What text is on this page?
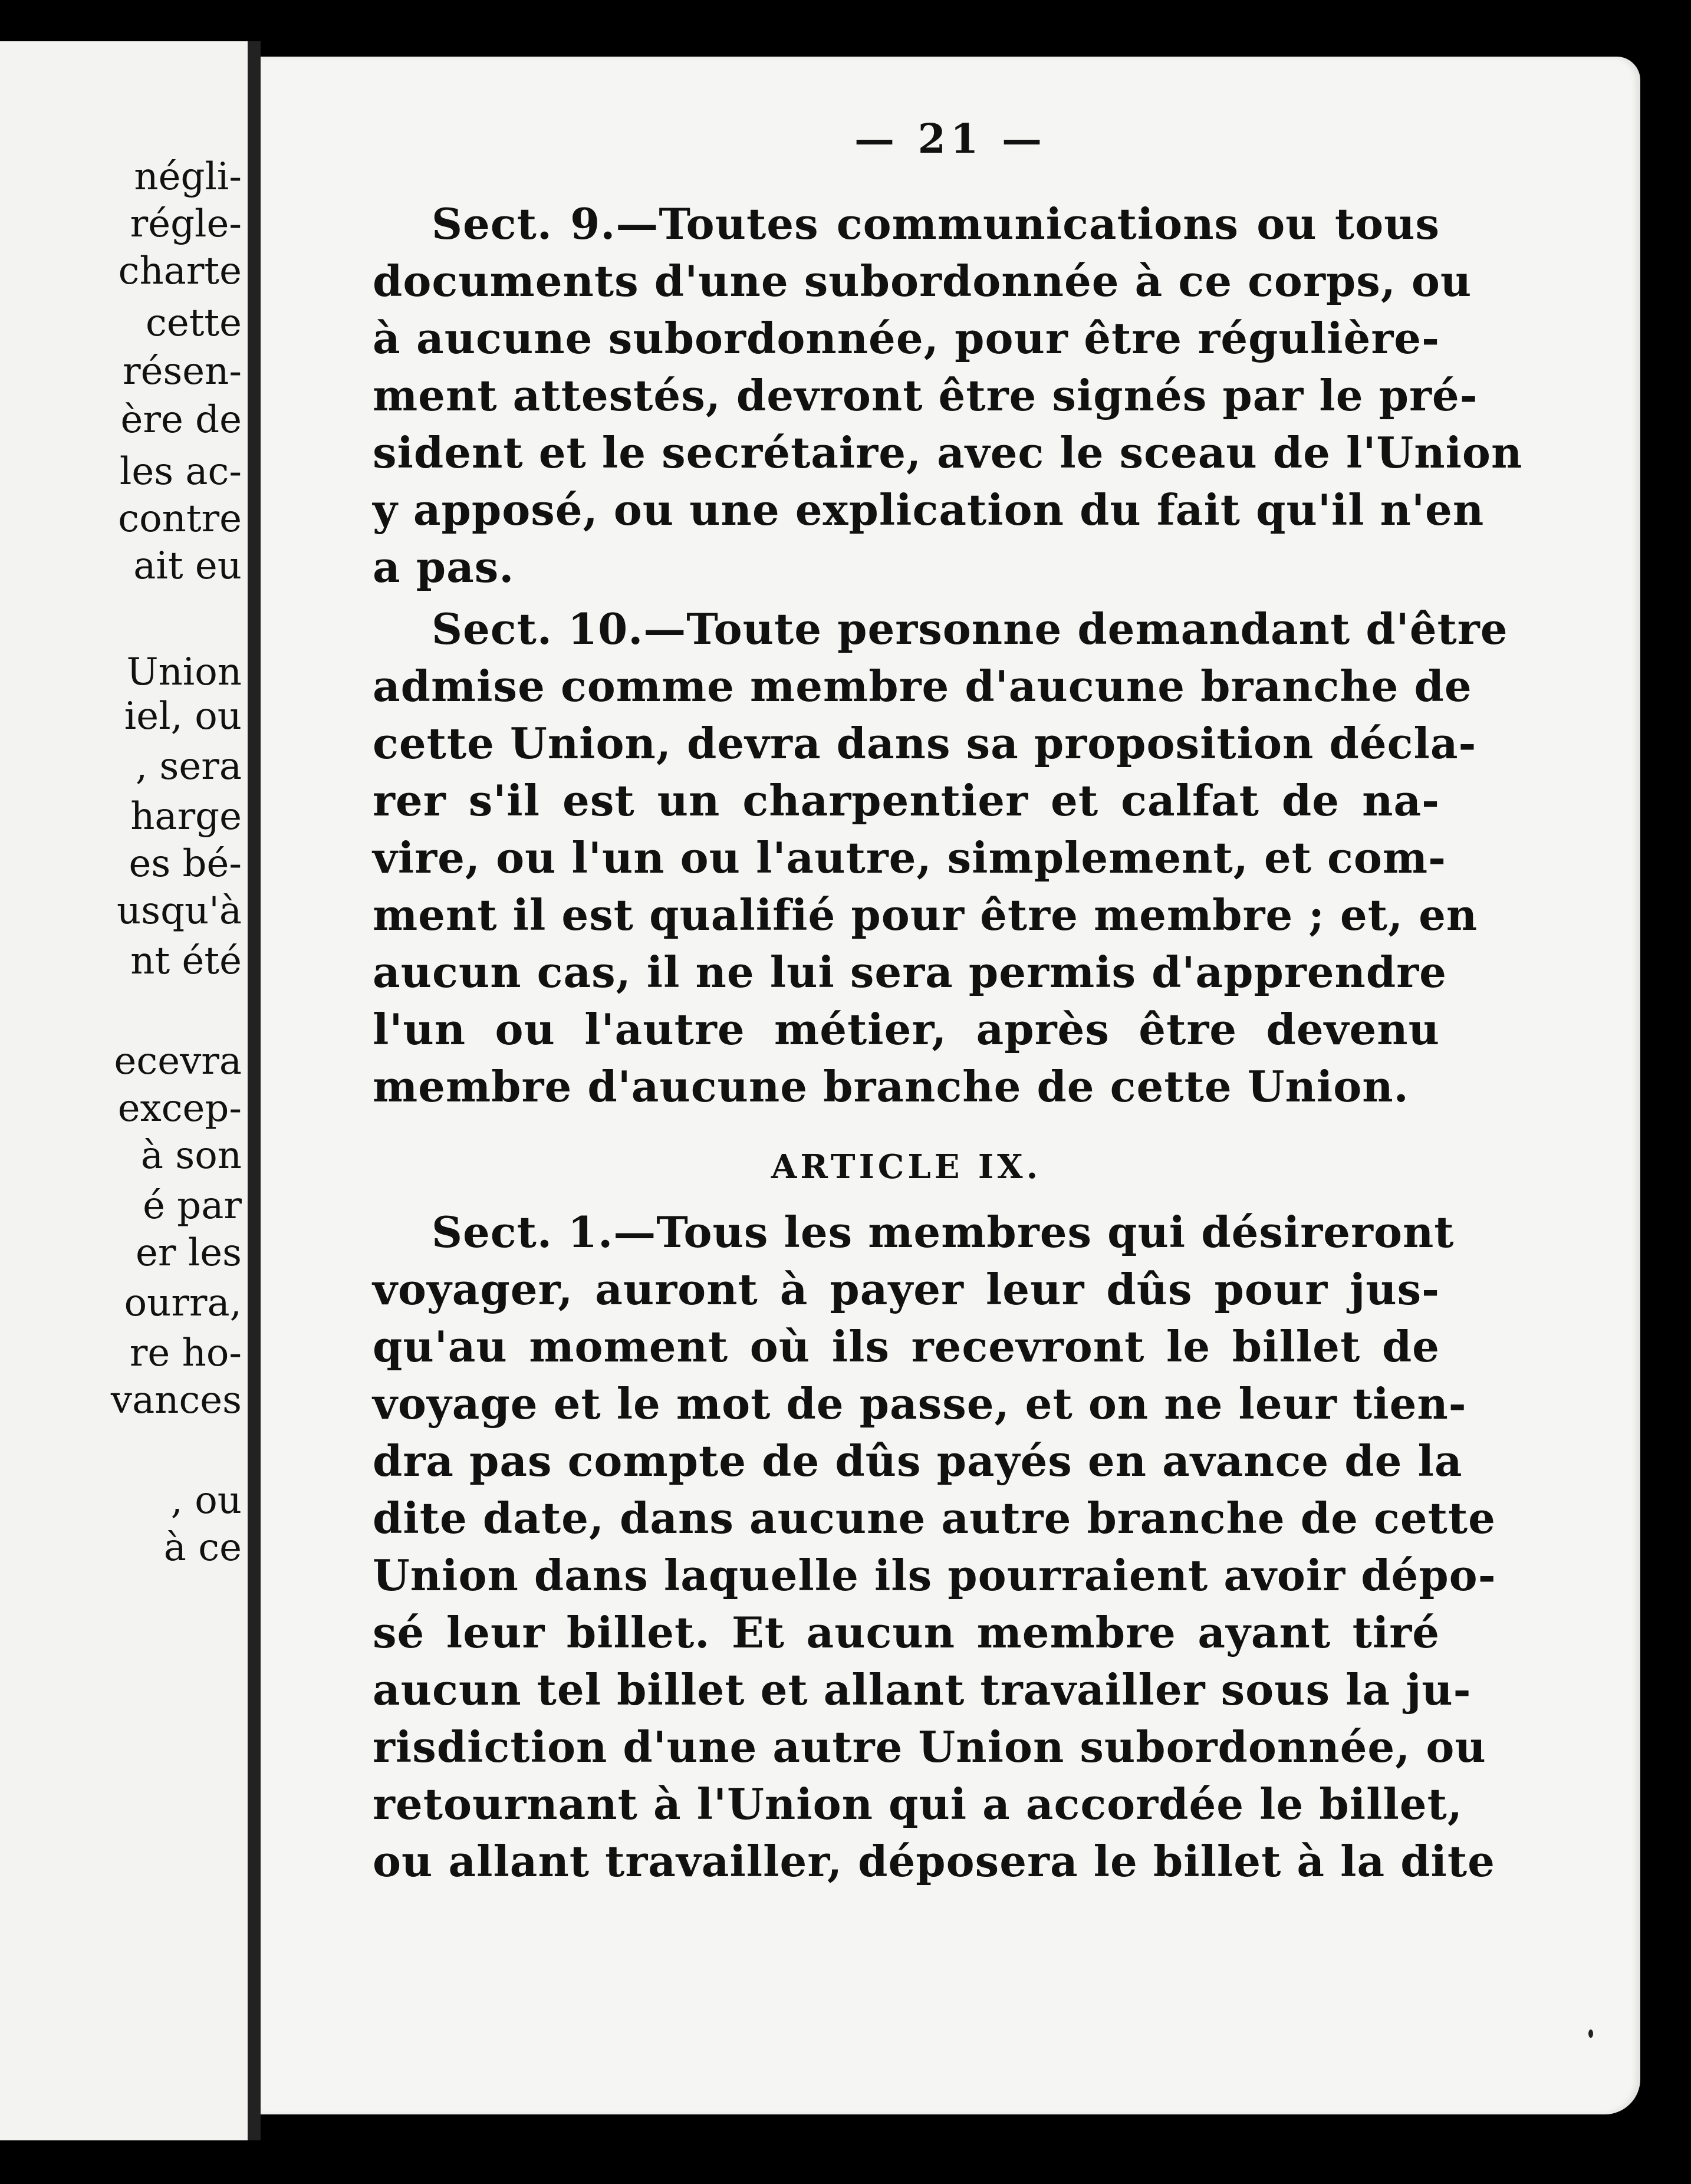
négli-
régle-
charte
cette
résen-
ère de
les ac-
contre
ait eu
Union
iel, ou
, sera
harge
es bé-
usqu'à
nt été
ecevra
excep-
à son
é par
er les
ourra,
re ho-
vances
, ou
à ce
— 21 —
Sect. 9.—Toutes communications ou tous
documents d'une subordonnée à ce corps, ou
à aucune subordonnée, pour être régulière-
ment attestés, devront être signés par le pré-
sident et le secrétaire, avec le sceau de l'Union
y apposé, ou une explication du fait qu'il n'en
a pas.
Sect. 10.—Toute personne demandant d'être
admise comme membre d'aucune branche de
cette Union, devra dans sa proposition décla-
rer s'il est un charpentier et calfat de na-
vire, ou l'un ou l'autre, simplement, et com-
ment il est qualifié pour être membre ; et, en
aucun cas, il ne lui sera permis d'apprendre
l'un ou l'autre métier, après être devenu
membre d'aucune branche de cette Union.
ARTICLE IX.
Sect. 1.—Tous les membres qui désireront
voyager, auront à payer leur dûs pour jus-
qu'au moment où ils recevront le billet de
voyage et le mot de passe, et on ne leur tien-
dra pas compte de dûs payés en avance de la
dite date, dans aucune autre branche de cette
Union dans laquelle ils pourraient avoir dépo-
sé leur billet. Et aucun membre ayant tiré
aucun tel billet et allant travailler sous la ju-
risdiction d'une autre Union subordonnée, ou
retournant à l'Union qui a accordée le billet,
ou allant travailler, déposera le billet à la dite
